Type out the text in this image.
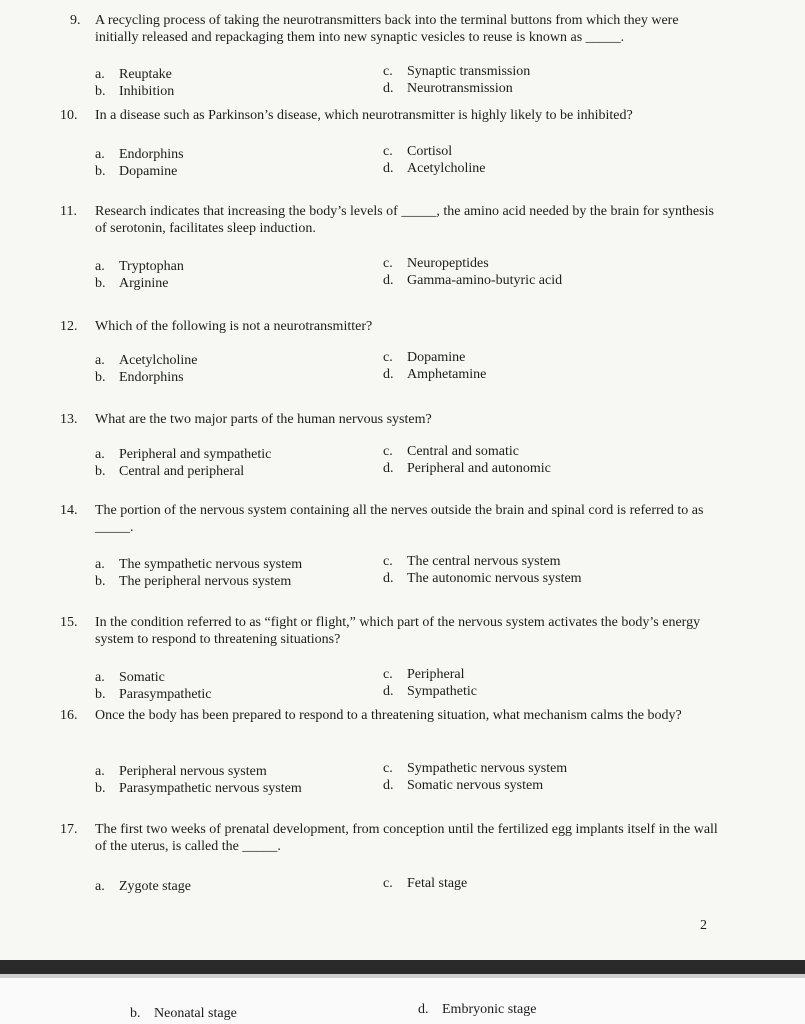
9.	A recycling process of taking the neurotransmitters back into the terminal buttons from which they were initially released and repackaging them into new synaptic vesicles to reuse is known as _____.
a. Reuptake
b. Inhibition
c. Synaptic transmission
d. Neurotransmission
10.	In a disease such as Parkinson’s disease, which neurotransmitter is highly likely to be inhibited?
a. Endorphins
b. Dopamine
c. Cortisol
d. Acetylcholine
11.	Research indicates that increasing the body’s levels of _____, the amino acid needed by the brain for synthesis of serotonin, facilitates sleep induction.
a. Tryptophan
b. Arginine
c. Neuropeptides
d. Gamma-amino-butyric acid
12.	Which of the following is not a neurotransmitter?
a. Acetylcholine
b. Endorphins
c. Dopamine
d. Amphetamine
13.	What are the two major parts of the human nervous system?
a. Peripheral and sympathetic
b. Central and peripheral
c. Central and somatic
d. Peripheral and autonomic
14.	The portion of the nervous system containing all the nerves outside the brain and spinal cord is referred to as _____.
a. The sympathetic nervous system
b. The peripheral nervous system
c. The central nervous system
d. The autonomic nervous system
15.	In the condition referred to as “fight or flight,” which part of the nervous system activates the body’s energy system to respond to threatening situations?
a. Somatic
b. Parasympathetic
c. Peripheral
d. Sympathetic
16.	Once the body has been prepared to respond to a threatening situation, what mechanism calms the body?
a. Peripheral nervous system
b. Parasympathetic nervous system
c. Sympathetic nervous system
d. Somatic nervous system
17.	The first two weeks of prenatal development, from conception until the fertilized egg implants itself in the wall of the uterus, is called the _____.
a. Zygote stage	c. Fetal stage
2
b. Neonatal stage	d. Embryonic stage
